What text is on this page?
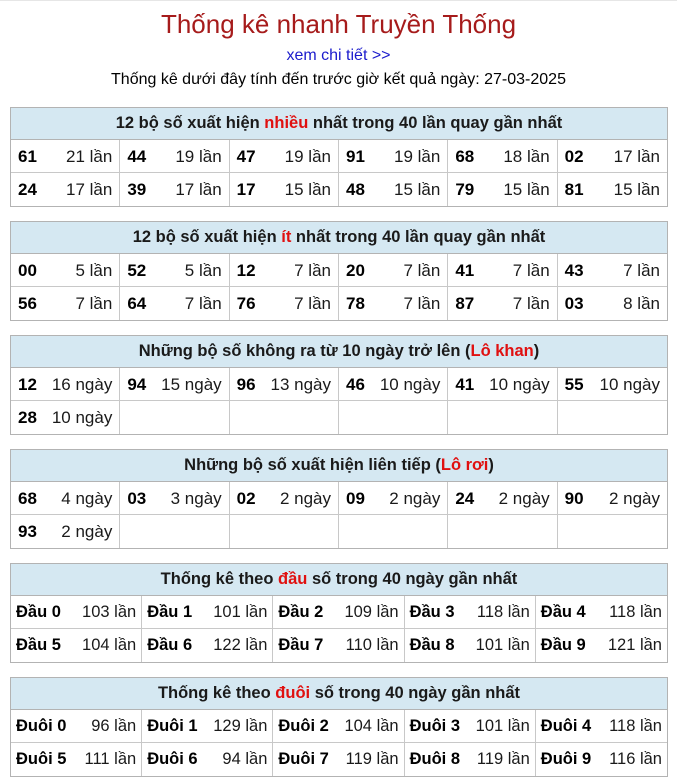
Thống kê nhanh Truyền Thống
xem chi tiết >>
Thống kê dưới đây tính đến trước giờ kết quả ngày: 27-03-2025
12 bộ số xuất hiện nhiều nhất trong 40 lần quay gần nhất
61 21 lần 44 19 lần 47 19 lần 91 19 lần 68 18 lần 02 17 lần
24 17 lần 39 17 lần 17 15 lần 48 15 lần 79 15 lần 81 15 lần
12 bộ số xuất hiện ít nhất trong 40 lần quay gần nhất
00 5 lần 52 5 lần 12 7 lần 20 7 lần 41 7 lần 43 7 lần
56 7 lần 64 7 lần 76 7 lần 78 7 lần 87 7 lần 03 8 lần
Những bộ số không ra từ 10 ngày trở lên (Lô khan)
12 16 ngày 94 15 ngày 96 13 ngày 46 10 ngày 41 10 ngày 55 10 ngày
28 10 ngày
Những bộ số xuất hiện liên tiếp (Lô rơi)
68 4 ngày 03 3 ngày 02 2 ngày 09 2 ngày 24 2 ngày 90 2 ngày
93 2 ngày
Thống kê theo đầu số trong 40 ngày gần nhất
Đầu 0 103 lần Đầu 1 101 lần Đầu 2 109 lần Đầu 3 118 lần Đầu 4 118 lần
Đầu 5 104 lần Đầu 6 122 lần Đầu 7 110 lần Đầu 8 101 lần Đầu 9 121 lần
Thống kê theo đuôi số trong 40 ngày gần nhất
Đuôi 0 96 lần Đuôi 1 129 lần Đuôi 2 104 lần Đuôi 3 101 lần Đuôi 4 118 lần
Đuôi 5 111 lần Đuôi 6 94 lần Đuôi 7 119 lần Đuôi 8 119 lần Đuôi 9 116 lần
